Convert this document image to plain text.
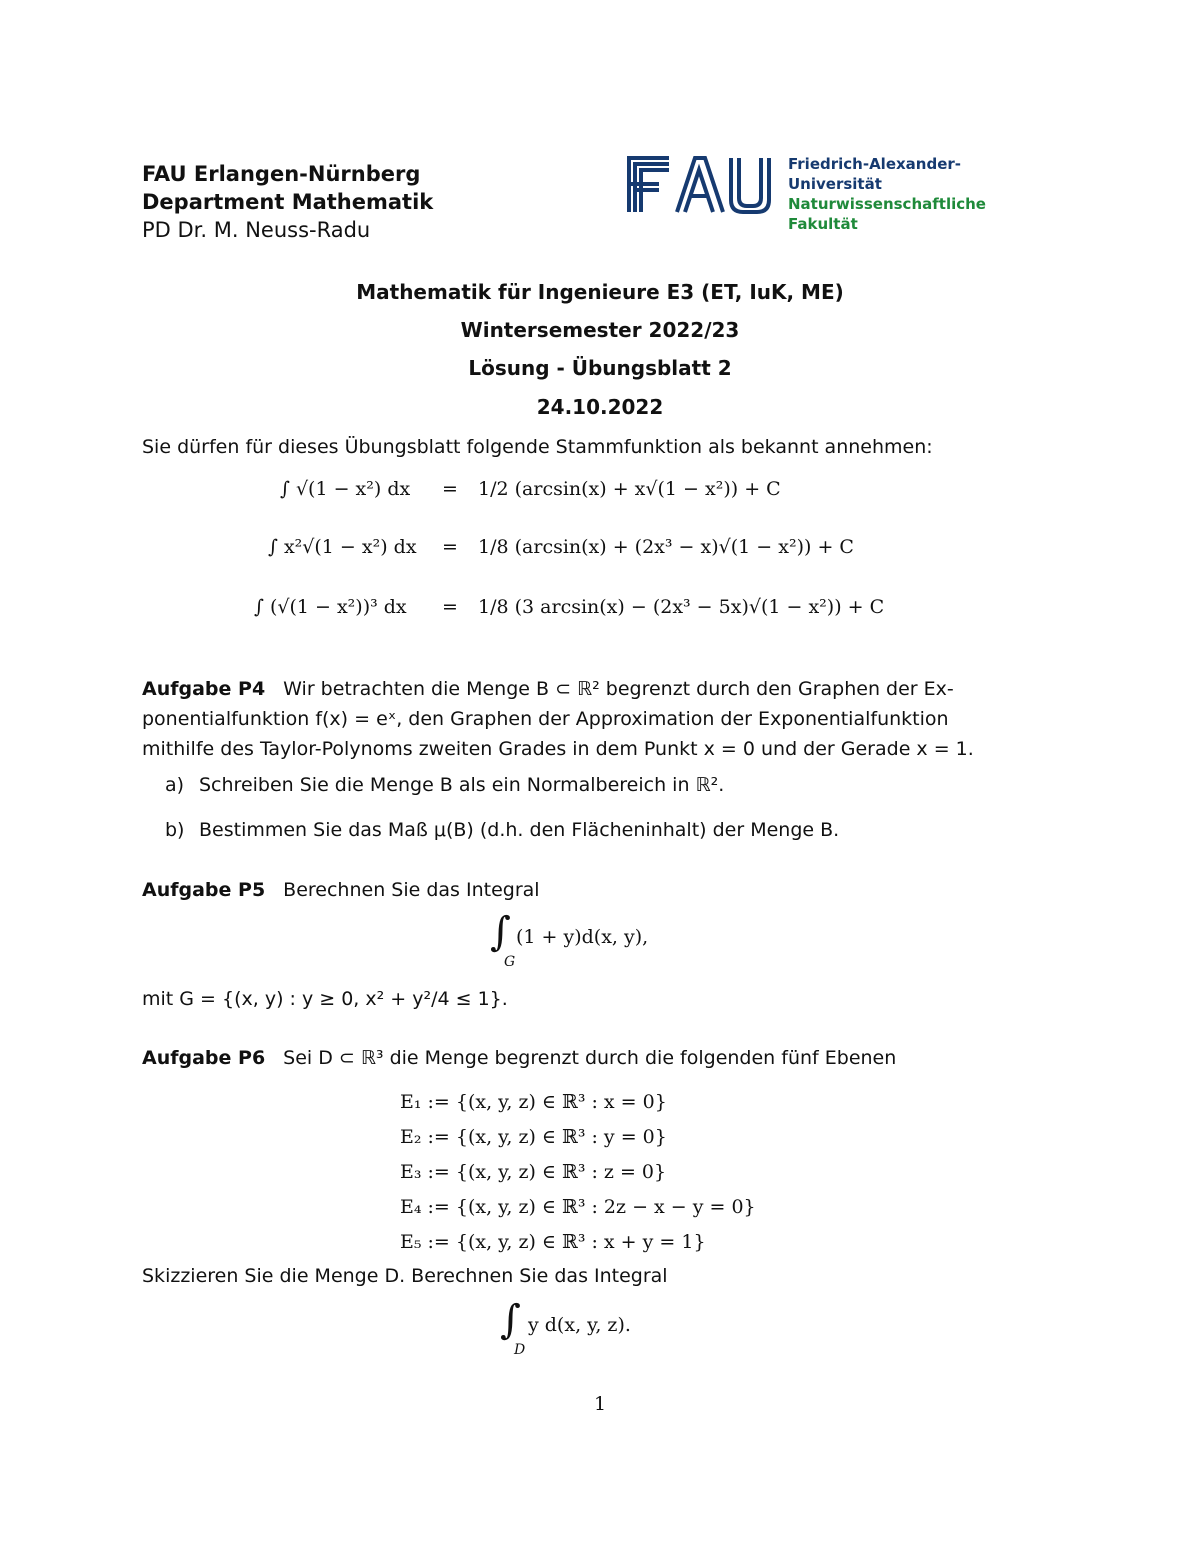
FAU Erlangen-Nürnberg
Department Mathematik
PD Dr. M. Neuss-Radu
Friedrich-Alexander-Universität
Naturwissenschaftliche Fakultät
Mathematik für Ingenieure E3 (ET, IuK, ME)
Wintersemester 2022/23
Lösung - Übungsblatt 2
24.10.2022
Sie dürfen für dieses Übungsblatt folgende Stammfunktion als bekannt annehmen:
∫ √(1 − x²) dx = 1/2 (arcsin(x) + x√(1 − x²)) + C
∫ x²√(1 − x²) dx = 1/8 (arcsin(x) + (2x³ − x)√(1 − x²)) + C
∫ (√(1 − x²))³ dx = 1/8 (3 arcsin(x) − (2x³ − 5x)√(1 − x²)) + C
Aufgabe P4 Wir betrachten die Menge B ⊂ ℝ² begrenzt durch den Graphen der Ex-
ponentialfunktion f(x) = eˣ, den Graphen der Approximation der Exponentialfunktion
mithilfe des Taylor-Polynoms zweiten Grades in dem Punkt x = 0 und der Gerade x = 1.
a) Schreiben Sie die Menge B als ein Normalbereich in ℝ².
b) Bestimmen Sie das Maß μ(B) (d.h. den Flächeninhalt) der Menge B.
Aufgabe P5 Berechnen Sie das Integral
∫
G
(1 + y)d(x, y),
mit G = {(x, y) : y ≥ 0, x² + y²/4 ≤ 1}.
Aufgabe P6 Sei D ⊂ ℝ³ die Menge begrenzt durch die folgenden fünf Ebenen
E₁ := {(x, y, z) ∈ ℝ³ : x = 0}
E₂ := {(x, y, z) ∈ ℝ³ : y = 0}
E₃ := {(x, y, z) ∈ ℝ³ : z = 0}
E₄ := {(x, y, z) ∈ ℝ³ : 2z − x − y = 0}
E₅ := {(x, y, z) ∈ ℝ³ : x + y = 1}
Skizzieren Sie die Menge D. Berechnen Sie das Integral
∫
D
y d(x, y, z).
1
